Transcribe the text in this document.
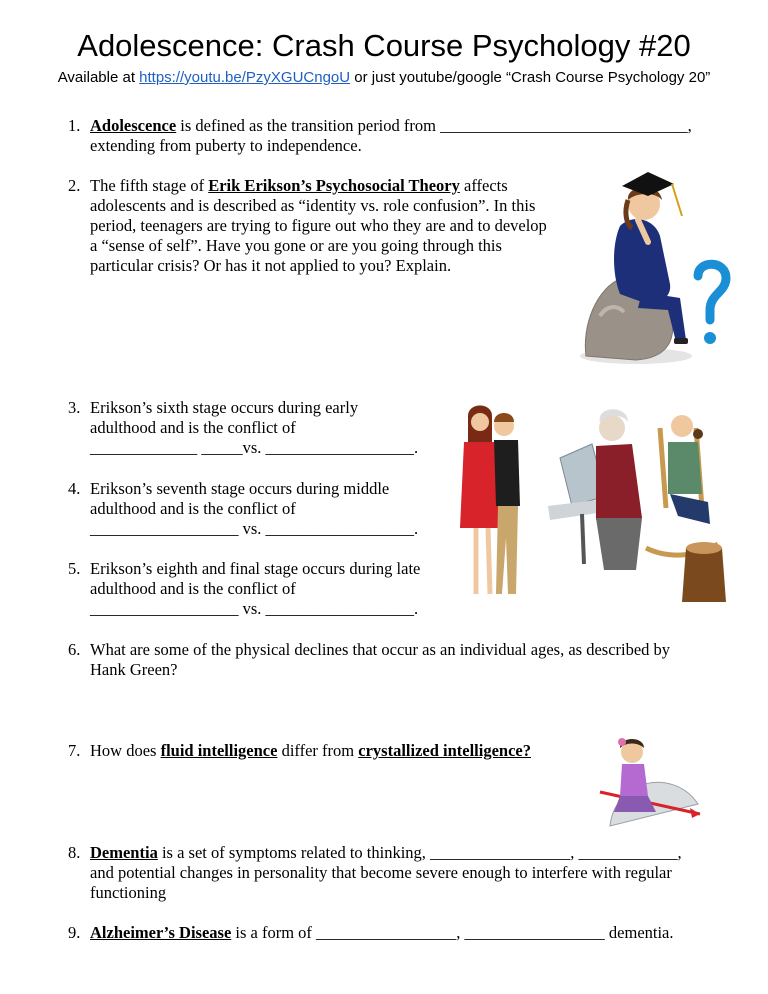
Adolescence: Crash Course Psychology #20
Available at https://youtu.be/PzyXGUCngoU or just youtube/google “Crash Course Psychology 20”
1. Adolescence is defined as the transition period from ______________________________,
extending from puberty to independence.
2. The fifth stage of Erik Erikson’s Psychosocial Theory affects
adolescents and is described as “identity vs. role confusion”. In this
period, teenagers are trying to figure out who they are and to develop
a “sense of self”. Have you gone or are you going through this
particular crisis? Or has it not applied to you? Explain.
3. Erikson’s sixth stage occurs during early
adulthood and is the conflict of
_____________ _____vs. __________________.
4. Erikson’s seventh stage occurs during middle
adulthood and is the conflict of
__________________ vs. __________________.
5. Erikson’s eighth and final stage occurs during late
adulthood and is the conflict of
__________________ vs. __________________.
6. What are some of the physical declines that occur as an individual ages, as described by
Hank Green?
7. How does fluid intelligence differ from crystallized intelligence?
8. Dementia is a set of symptoms related to thinking, _________________, ____________,
and potential changes in personality that become severe enough to interfere with regular
functioning
9. Alzheimer’s Disease is a form of _________________, _________________ dementia.
